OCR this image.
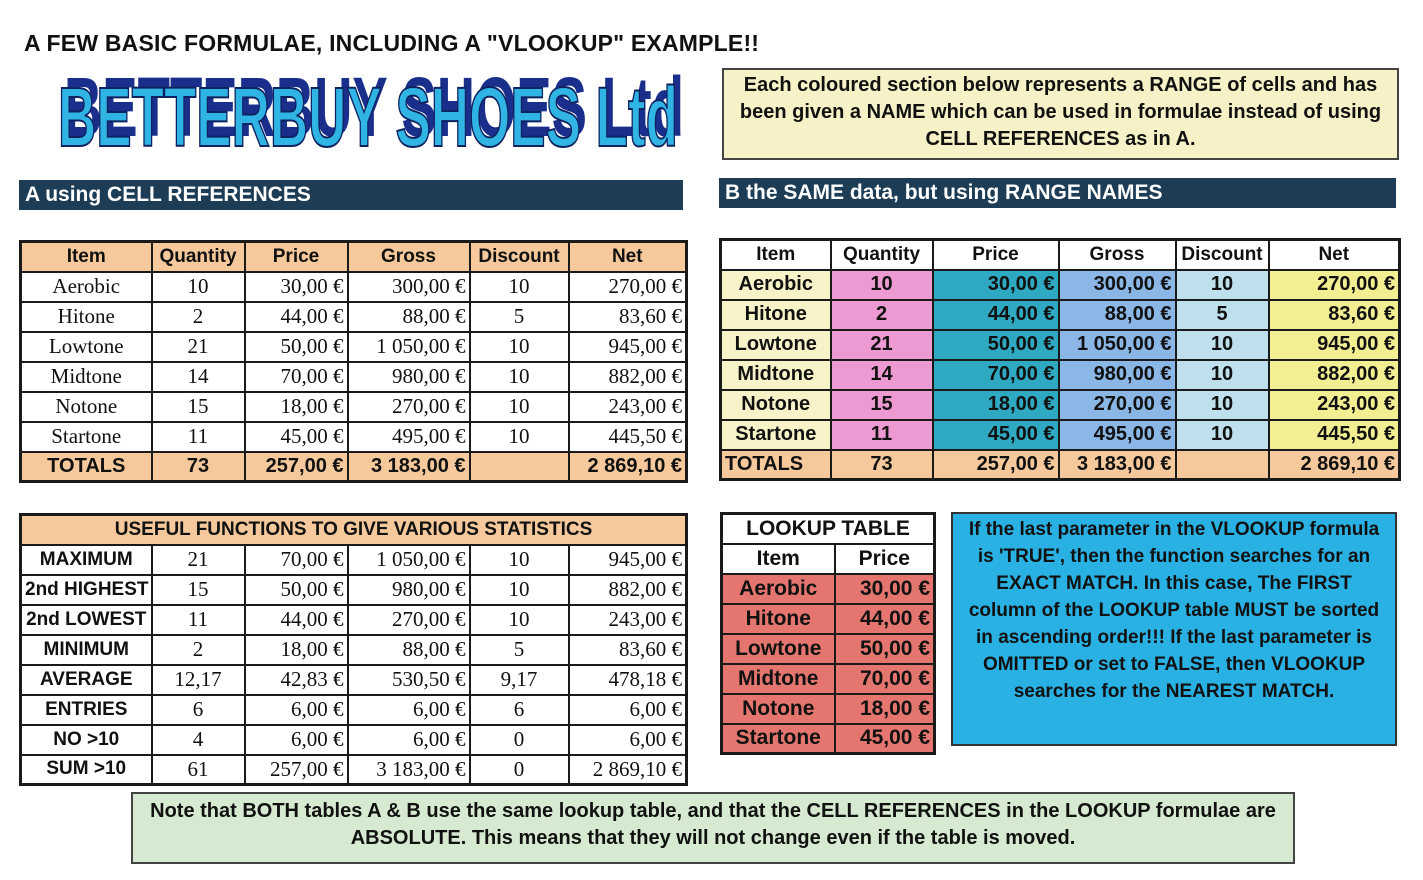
A FEW BASIC FORMULAE, INCLUDING A "VLOOKUP" EXAMPLE!!
BETTERBUY SHOES Ltd
BETTERBUY SHOES Ltd	Each coloured section below represents a RANGE of cells and has been given a NAME which can be used in formulae instead of using CELL REFERENCES as in A.
A using CELL REFERENCES	B the SAME data, but using RANGE NAMES
Item	Quantity	Price	Gross	Discount	Net
Aerobic	10	30,00 €	300,00 €	10	270,00 €
Hitone	2	44,00 €	88,00 €	5	83,60 €
Lowtone	21	50,00 €	1 050,00 €	10	945,00 €
Midtone	14	70,00 €	980,00 €	10	882,00 €
Notone	15	18,00 €	270,00 €	10	243,00 €
Startone	11	45,00 €	495,00 €	10	445,50 €
TOTALS	73	257,00 €	3 183,00 €		2 869,10 €
Item	Quantity	Price	Gross	Discount	Net
Aerobic	10	30,00 €	300,00 €	10	270,00 €
Hitone	2	44,00 €	88,00 €	5	83,60 €
Lowtone	21	50,00 €	1 050,00 €	10	945,00 €
Midtone	14	70,00 €	980,00 €	10	882,00 €
Notone	15	18,00 €	270,00 €	10	243,00 €
Startone	11	45,00 €	495,00 €	10	445,50 €
TOTALS	73	257,00 €	3 183,00 €		2 869,10 €
USEFUL FUNCTIONS TO GIVE VARIOUS STATISTICS					
MAXIMUM	21	70,00 €	1 050,00 €	10	945,00 €
2nd HIGHEST	15	50,00 €	980,00 €	10	882,00 €
2nd LOWEST	11	44,00 €	270,00 €	10	243,00 €
MINIMUM	2	18,00 €	88,00 €	5	83,60 €
AVERAGE	12,17	42,83 €	530,50 €	9,17	478,18 €
ENTRIES	6	6,00 €	6,00 €	6	6,00 €
NO >10	4	6,00 €	6,00 €	0	6,00 €
SUM >10	61	257,00 €	3 183,00 €	0	2 869,10 €
LOOKUP TABLE	
Item	Price
Aerobic	30,00 €
Hitone	44,00 €
Lowtone	50,00 €
Midtone	70,00 €
Notone	18,00 €
Startone	45,00 €
If the last parameter in the VLOOKUP formula is 'TRUE', then the function searches for an EXACT MATCH. In this case, The FIRST column of the LOOKUP table MUST be sorted in ascending order!!! If the last parameter is OMITTED or set to FALSE, then VLOOKUP searches for the NEAREST MATCH.
Note that BOTH tables A & B use the same lookup table, and that the CELL REFERENCES in the LOOKUP formulae are ABSOLUTE. This means that they will not change even if the table is moved.
